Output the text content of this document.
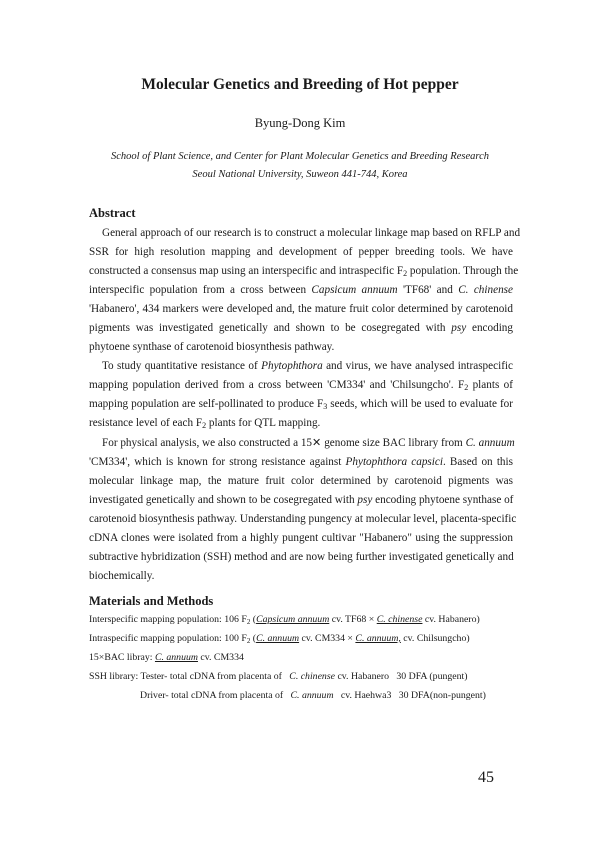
Molecular Genetics and Breeding of Hot pepper
Byung-Dong Kim
School of Plant Science, and Center for Plant Molecular Genetics and Breeding Research
Seoul National University, Suweon 441-744, Korea
Abstract
General approach of our research is to construct a molecular linkage map based on RFLP and
SSR for high resolution mapping and development of pepper breeding tools. We have
constructed a consensus map using an interspecific and intraspecific $F_2$ population. Through the
interspecific population from a cross between Capsicum annuum 'TF68' and C. chinense
'Habanero', 434 markers were developed and, the mature fruit color determined by carotenoid
pigments was investigated genetically and shown to be cosegregated with psy encoding
phytoene synthase of carotenoid biosynthesis pathway.
To study quantitative resistance of Phytophthora and virus, we have analysed intraspecific
mapping population derived from a cross between 'CM334' and 'Chilsungcho'. $F_2$ plants of
mapping population are self-pollinated to produce $F_3$ seeds, which will be used to evaluate for
resistance level of each $F_2$ plants for QTL mapping.
For physical analysis, we also constructed a 15✕ genome size BAC library from C. annuum
'CM334', which is known for strong resistance against Phytophthora capsici. Based on this
molecular linkage map, the mature fruit color determined by carotenoid pigments was
investigated genetically and shown to be cosegregated with psy encoding phytoene synthase of
carotenoid biosynthesis pathway. Understanding pungency at molecular level, placenta-specific
cDNA clones were isolated from a highly pungent cultivar "Habanero" using the suppression
subtractive hybridization (SSH) method and are now being further investigated genetically and
biochemically.
Materials and Methods
Interspecific mapping population: 106 $F_2$ (Capsicum annuum cv. TF68 × C. chinense cv. Habanero)
Intraspecific mapping population: 100 $F_2$ (C. annuum cv. CM334 × C. annuum, cv. Chilsungcho)
15×BAC libray: C. annuum cv. CM334
SSH library: Tester- total cDNA from placenta of   C. chinense cv. Habanero   30 DFA (pungent)
Driver- total cDNA from placenta of   C. annuum   cv. Haehwa3   30 DFA(non-pungent)
45
